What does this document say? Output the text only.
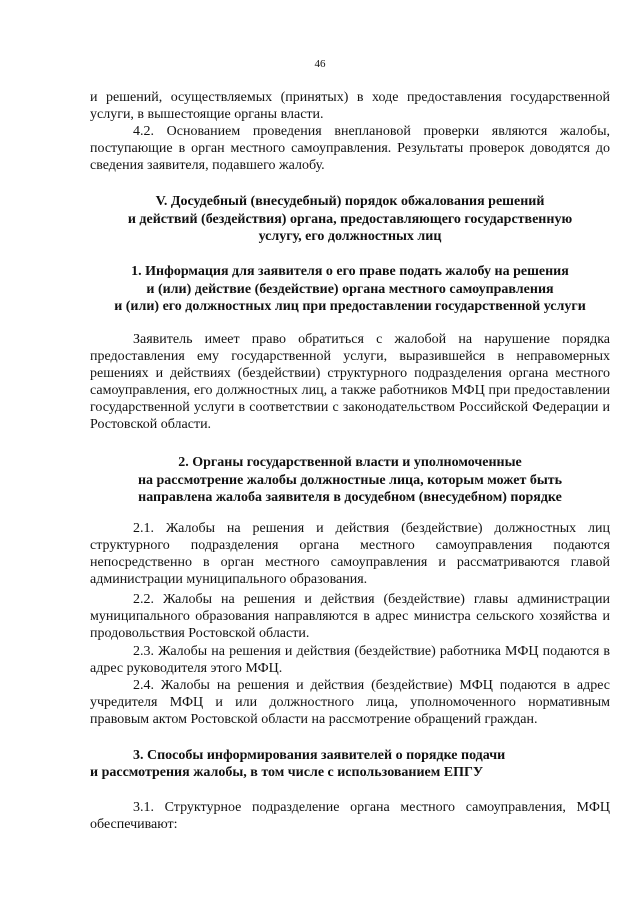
46

и решений, осуществляемых (принятых) в ходе предоставления государственной услуги, в вышестоящие органы власти.

4.2. Основанием проведения внеплановой проверки являются жалобы, поступающие в орган местного самоуправления. Результаты проверок доводятся до сведения заявителя, подавшего жалобу.

V. Досудебный (внесудебный) порядок обжалования решений

и действий (бездействия) органа, предоставляющего государственную

услугу, его должностных лиц

1. Информация для заявителя о его праве подать жалобу на решения

и (или) действие (бездействие) органа местного самоуправления

и (или) его должностных лиц при предоставлении государственной услуги

Заявитель имеет право обратиться с жалобой на нарушение порядка предоставления ему государственной услуги, выразившейся в неправомерных решениях и действиях (бездействии) структурного подразделения органа местного самоуправления, его должностных лиц, а также работников МФЦ при предоставлении государственной услуги в соответствии с законодательством Российской Федерации и Ростовской области.

2. Органы государственной власти и уполномоченные

на рассмотрение жалобы должностные лица, которым может быть

направлена жалоба заявителя в досудебном (внесудебном) порядке

2.1. Жалобы на решения и действия (бездействие) должностных лиц структурного подразделения органа местного самоуправления подаются непосредственно в орган местного самоуправления и рассматриваются главой администрации муниципального образования.

2.2. Жалобы на решения и действия (бездействие) главы администрации муниципального образования направляются в адрес министра сельского хозяйства и продовольствия Ростовской области.

2.3. Жалобы на решения и действия (бездействие) работника МФЦ подаются в адрес руководителя этого МФЦ.

2.4. Жалобы на решения и действия (бездействие) МФЦ подаются в адрес учредителя МФЦ и или должностного лица, уполномоченного нормативным правовым актом Ростовской области на рассмотрение обращений граждан.

3. Способы информирования заявителей о порядке подачи

и рассмотрения жалобы, в том числе с использованием ЕПГУ

3.1. Структурное подразделение органа местного самоуправления, МФЦ обеспечивают:
